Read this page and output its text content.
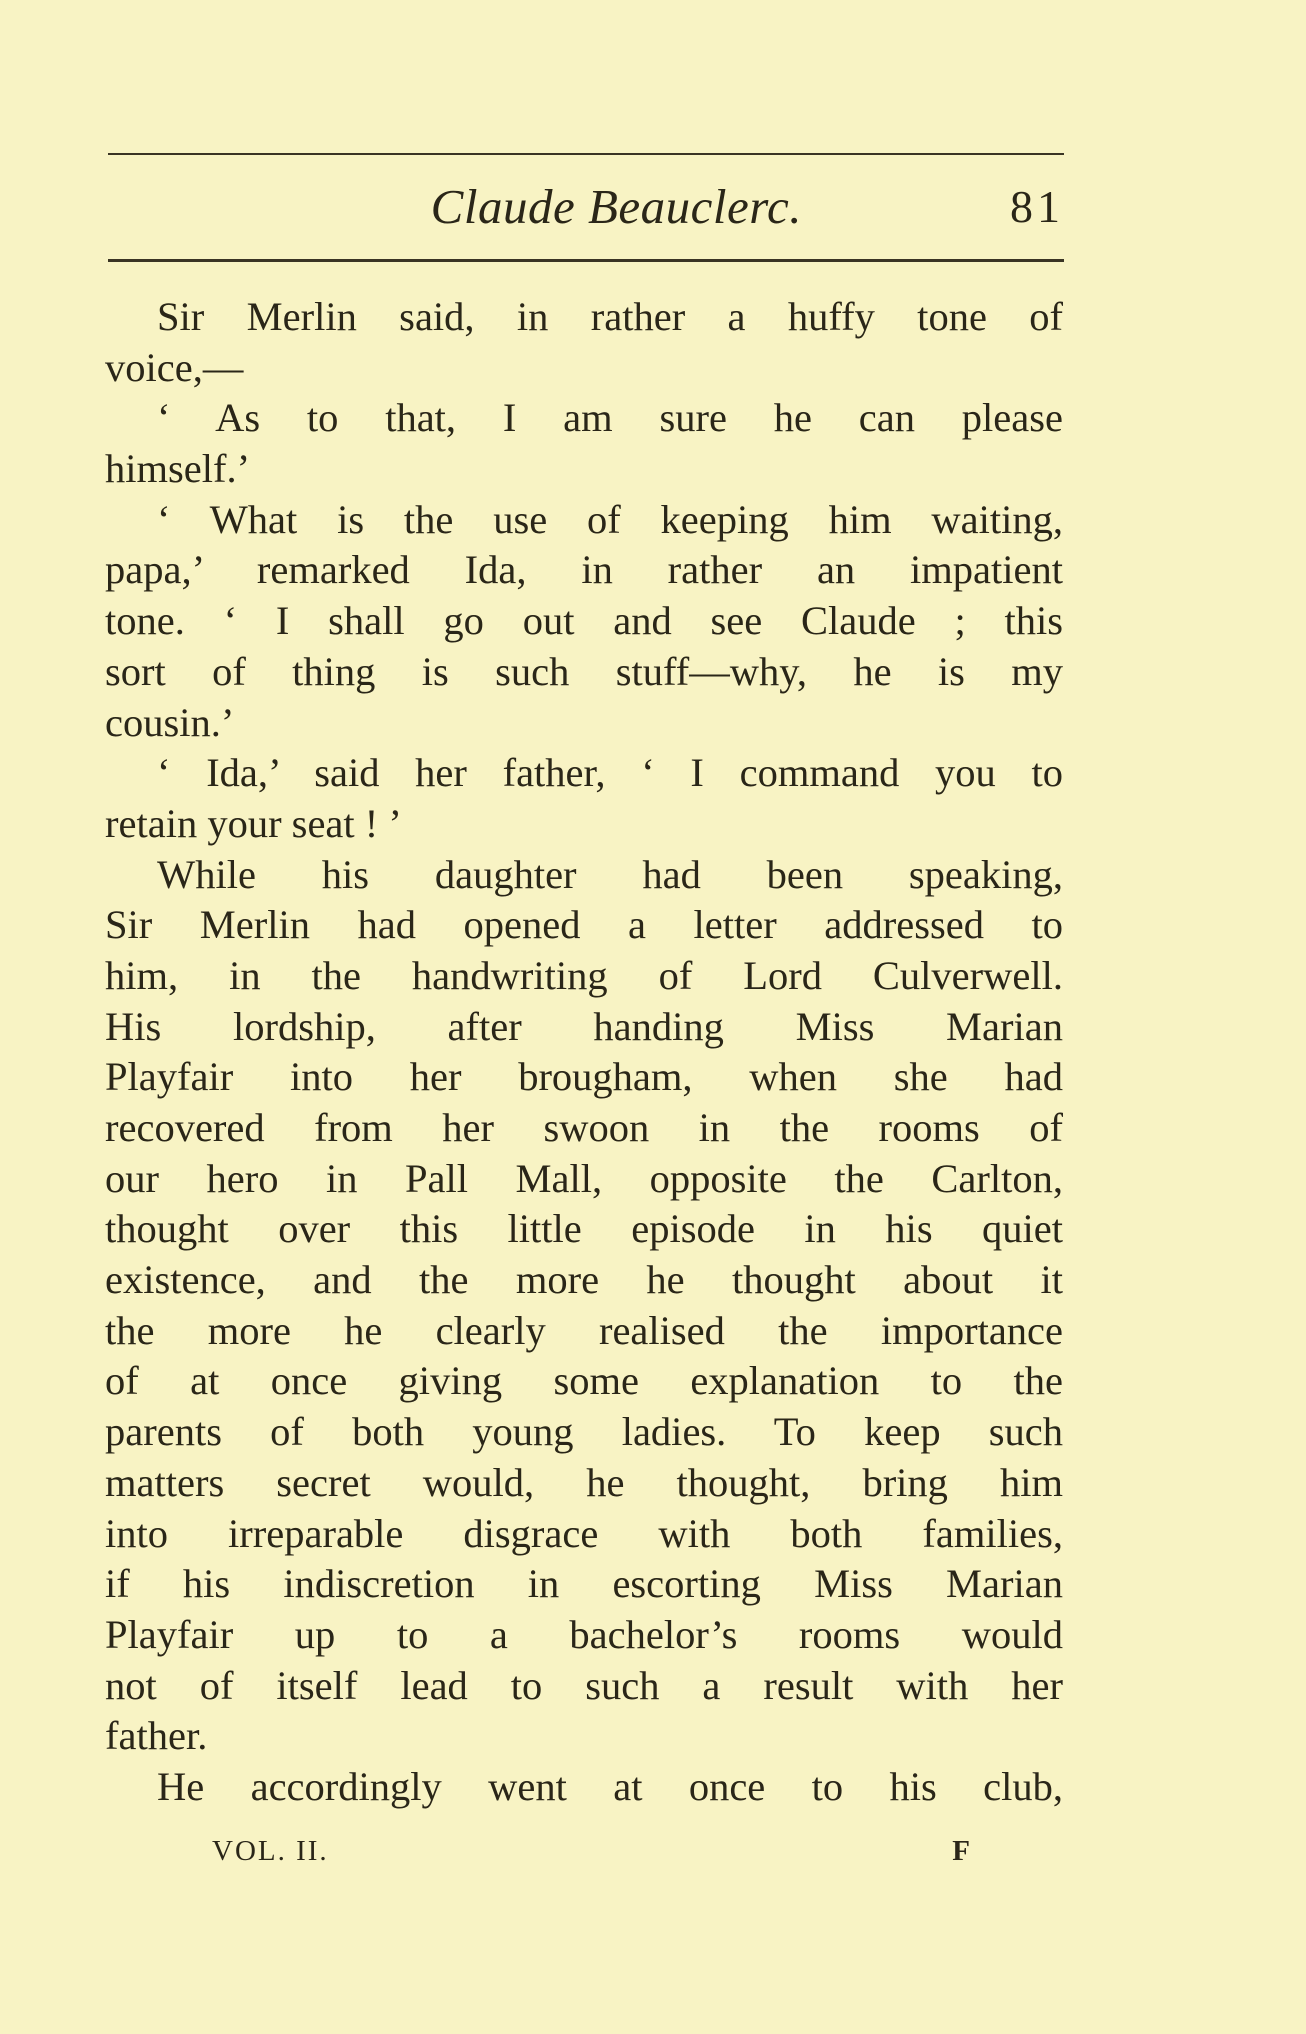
Claude Beauclerc.	81
Sir Merlin said, in rather a huffy tone of
voice,—
‘ As to that, I am sure he can please
himself.’
‘ What is the use of keeping him waiting,
papa,’ remarked Ida, in rather an impatient
tone. ‘ I shall go out and see Claude ; this
sort of thing is such stuff—why, he is my
cousin.’
‘ Ida,’ said her father, ‘ I command you to
retain your seat ! ’
While his daughter had been speaking,
Sir Merlin had opened a letter addressed to
him, in the handwriting of Lord Culverwell.
His lordship, after handing Miss Marian
Playfair into her brougham, when she had
recovered from her swoon in the rooms of
our hero in Pall Mall, opposite the Carlton,
thought over this little episode in his quiet
existence, and the more he thought about it
the more he clearly realised the importance
of at once giving some explanation to the
parents of both young ladies. To keep such
matters secret would, he thought, bring him
into irreparable disgrace with both families,
if his indiscretion in escorting Miss Marian
Playfair up to a bachelor’s rooms would
not of itself lead to such a result with her
father.
He accordingly went at once to his club,
VOL. II.	F
